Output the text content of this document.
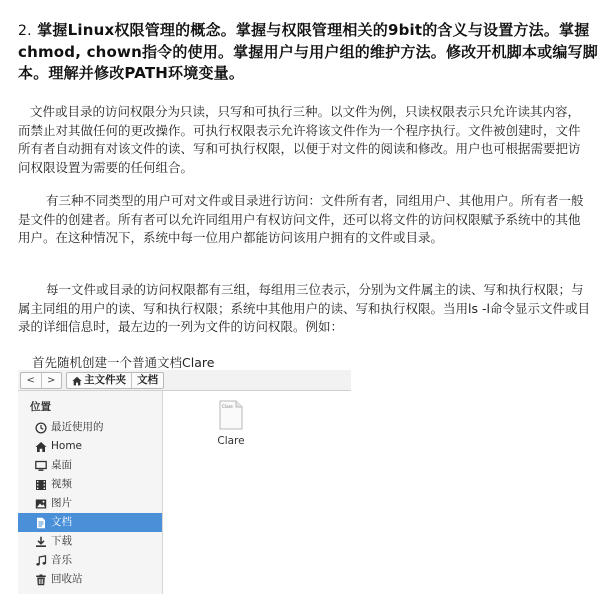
2. 掌握Linux权限管理的概念。掌握与权限管理相关的9bit的含义与设置方法。掌握chmod, chown指令的使用。掌握用户与用户组的维护方法。修改开机脚本或编写脚本。理解并修改PATH环境变量。

文件或目录的访问权限分为只读，只写和可执行三种。以文件为例，只读权限表示只允许读其内容，而禁止对其做任何的更改操作。可执行权限表示允许将该文件作为一个程序执行。文件被创建时，文件所有者自动拥有对该文件的读、写和可执行权限，以便于对文件的阅读和修改。用户也可根据需要把访问权限设置为需要的任何组合。

有三种不同类型的用户可对文件或目录进行访问：文件所有者，同组用户、其他用户。所有者一般是文件的创建者。所有者可以允许同组用户有权访问文件，还可以将文件的访问权限赋予系统中的其他用户。在这种情况下，系统中每一位用户都能访问该用户拥有的文件或目录。

每一文件或目录的访问权限都有三组，每组用三位表示，分别为文件属主的读、写和执行权限；与属主同组的用户的读、写和执行权限；系统中其他用户的读、写和执行权限。当用ls -l命令显示文件或目录的详细信息时，最左边的一列为文件的访问权限。例如：

首先随机创建一个普通文档Clare
<	>	主文件夹 文档
位置
最近使用的
Home
桌面
视频
图片
文档
下载
音乐
回收站
Clare
Clare
